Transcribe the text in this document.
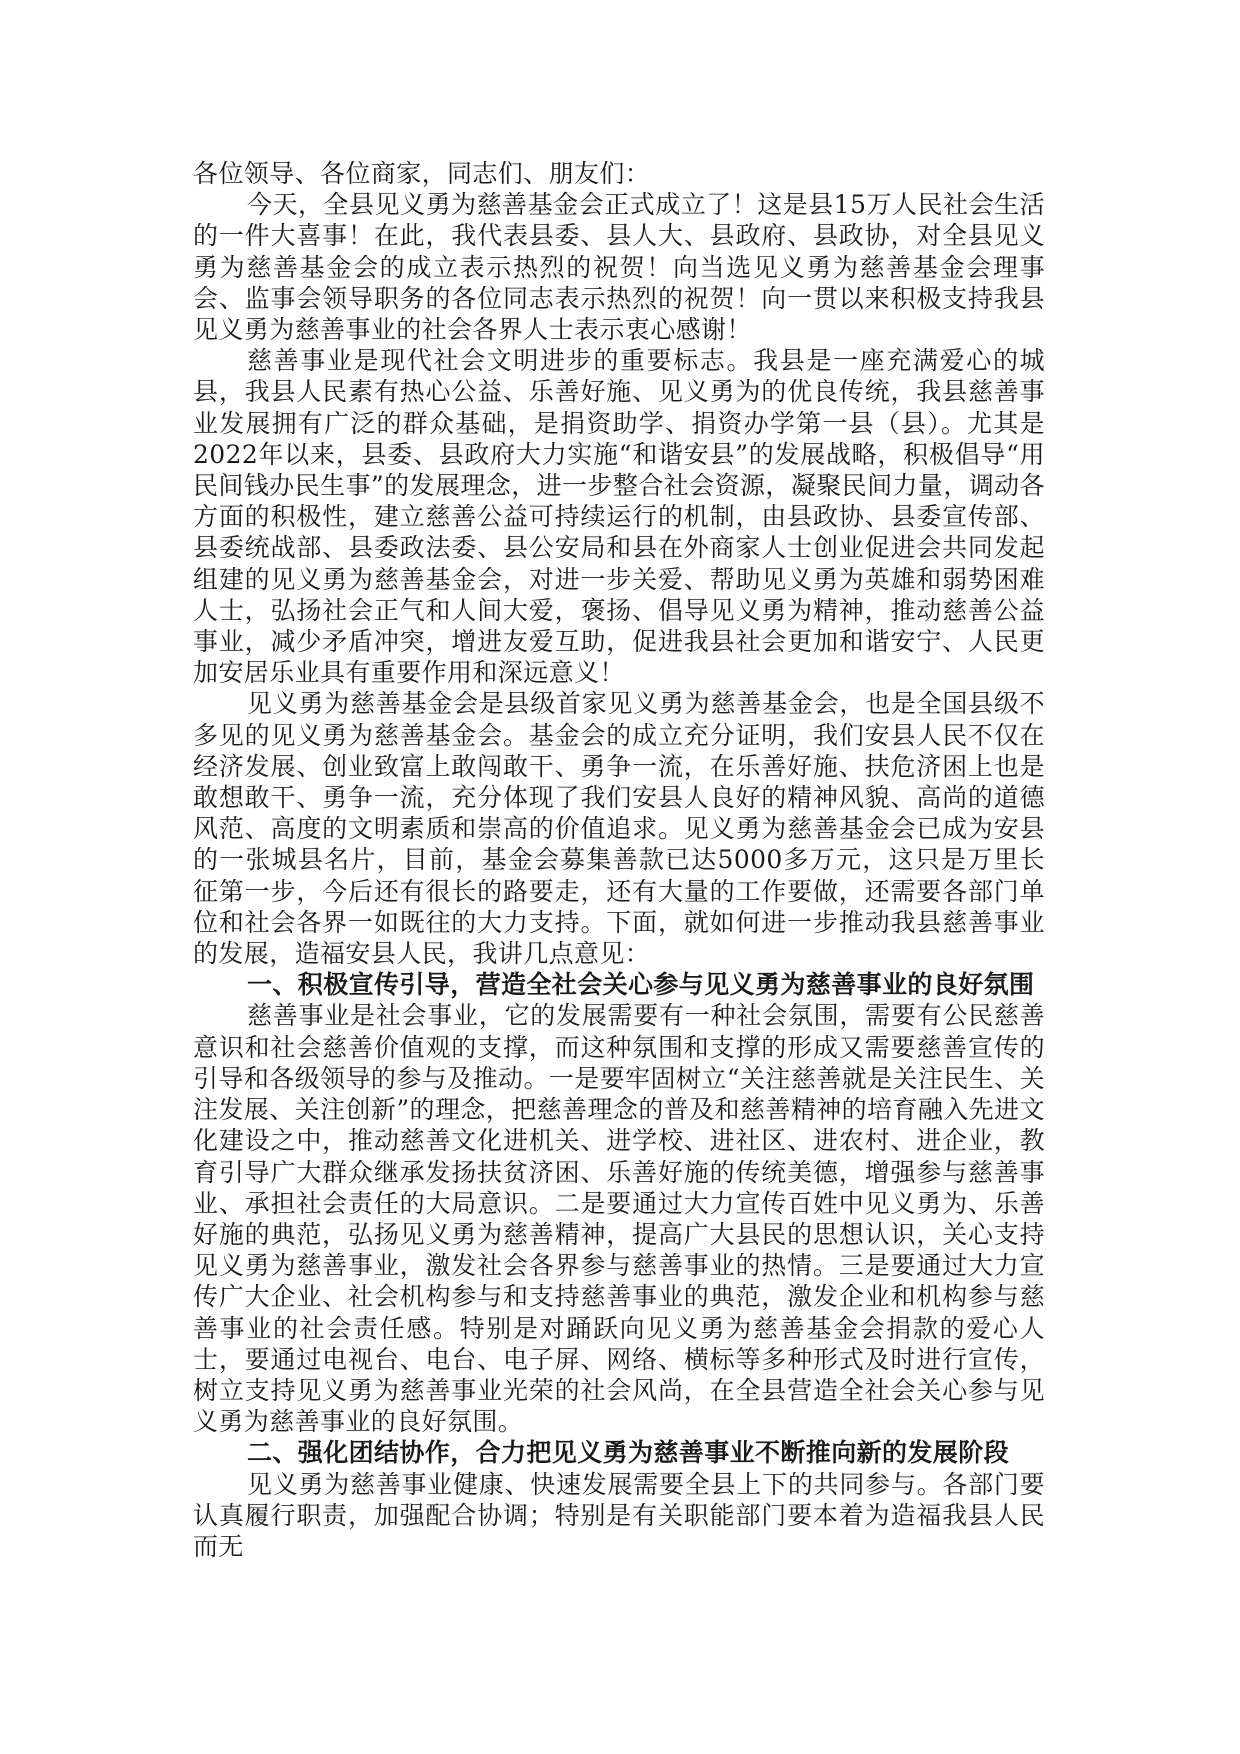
各位领导、各位商家，同志们、朋友们：

今天，全县见义勇为慈善基金会正式成立了！这是县15万人民社会生活的一件大喜事！在此，我代表县委、县人大、县政府、县政协，对全县见义勇为慈善基金会的成立表示热烈的祝贺！向当选见义勇为慈善基金会理事会、监事会领导职务的各位同志表示热烈的祝贺！向一贯以来积极支持我县见义勇为慈善事业的社会各界人士表示衷心感谢！

慈善事业是现代社会文明进步的重要标志。我县是一座充满爱心的城县，我县人民素有热心公益、乐善好施、见义勇为的优良传统，我县慈善事业发展拥有广泛的群众基础，是捐资助学、捐资办学第一县（县）。尤其是2022年以来，县委、县政府大力实施“和谐安县”的发展战略，积极倡导“用民间钱办民生事”的发展理念，进一步整合社会资源，凝聚民间力量，调动各方面的积极性，建立慈善公益可持续运行的机制，由县政协、县委宣传部、县委统战部、县委政法委、县公安局和县在外商家人士创业促进会共同发起组建的见义勇为慈善基金会，对进一步关爱、帮助见义勇为英雄和弱势困难人士，弘扬社会正气和人间大爱，褒扬、倡导见义勇为精神，推动慈善公益事业，减少矛盾冲突，增进友爱互助，促进我县社会更加和谐安宁、人民更加安居乐业具有重要作用和深远意义！

见义勇为慈善基金会是县级首家见义勇为慈善基金会，也是全国县级不多见的见义勇为慈善基金会。基金会的成立充分证明，我们安县人民不仅在经济发展、创业致富上敢闯敢干、勇争一流，在乐善好施、扶危济困上也是敢想敢干、勇争一流，充分体现了我们安县人良好的精神风貌、高尚的道德风范、高度的文明素质和崇高的价值追求。见义勇为慈善基金会已成为安县的一张城县名片，目前，基金会募集善款已达5000多万元，这只是万里长征第一步，今后还有很长的路要走，还有大量的工作要做，还需要各部门单位和社会各界一如既往的大力支持。下面，就如何进一步推动我县慈善事业的发展，造福安县人民，我讲几点意见：

一、积极宣传引导，营造全社会关心参与见义勇为慈善事业的良好氛围

慈善事业是社会事业，它的发展需要有一种社会氛围，需要有公民慈善意识和社会慈善价值观的支撑，而这种氛围和支撑的形成又需要慈善宣传的引导和各级领导的参与及推动。一是要牢固树立“关注慈善就是关注民生、关注发展、关注创新”的理念，把慈善理念的普及和慈善精神的培育融入先进文化建设之中，推动慈善文化进机关、进学校、进社区、进农村、进企业，教育引导广大群众继承发扬扶贫济困、乐善好施的传统美德，增强参与慈善事业、承担社会责任的大局意识。二是要通过大力宣传百姓中见义勇为、乐善好施的典范，弘扬见义勇为慈善精神，提高广大县民的思想认识，关心支持见义勇为慈善事业，激发社会各界参与慈善事业的热情。三是要通过大力宣传广大企业、社会机构参与和支持慈善事业的典范，激发企业和机构参与慈善事业的社会责任感。特别是对踊跃向见义勇为慈善基金会捐款的爱心人士，要通过电视台、电台、电子屏、网络、横标等多种形式及时进行宣传，树立支持见义勇为慈善事业光荣的社会风尚，在全县营造全社会关心参与见义勇为慈善事业的良好氛围。

二、强化团结协作，合力把见义勇为慈善事业不断推向新的发展阶段

见义勇为慈善事业健康、快速发展需要全县上下的共同参与。各部门要认真履行职责，加强配合协调；特别是有关职能部门要本着为造福我县人民而无
